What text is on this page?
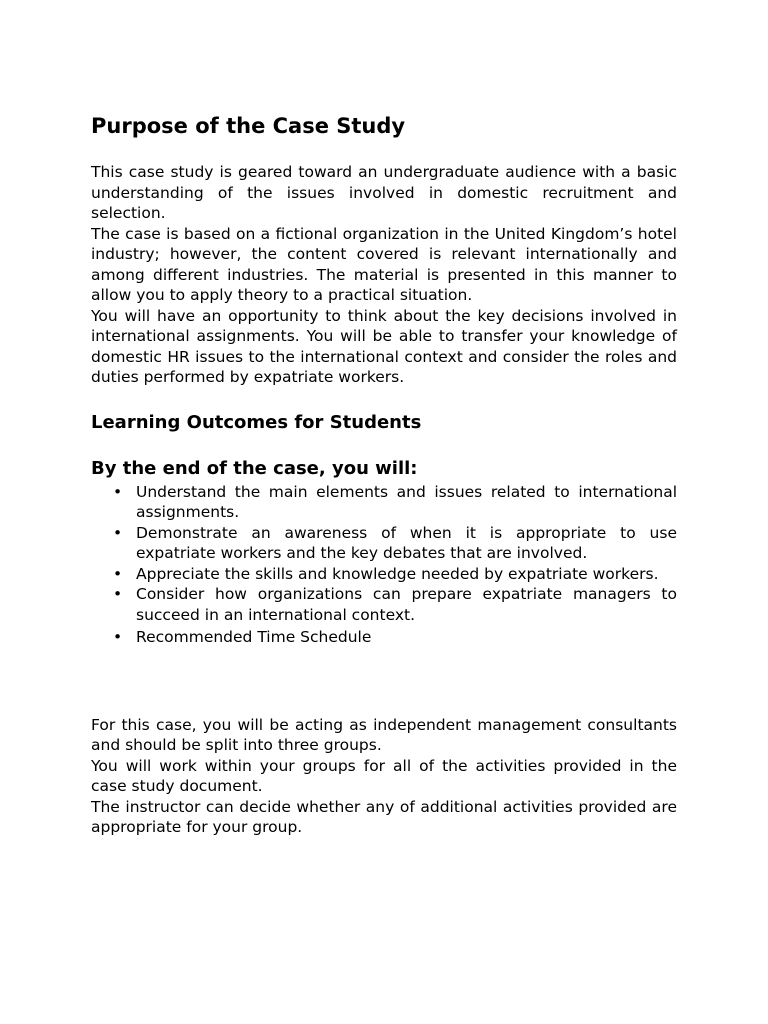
Purpose of the Case Study

This case study is geared toward an undergraduate audience with a basic understanding of the issues involved in domestic recruitment and selection.

The case is based on a fictional organization in the United Kingdom’s hotel industry; however, the content covered is relevant internationally and among different industries. The material is presented in this manner to allow you to apply theory to a practical situation.

You will have an opportunity to think about the key decisions involved in international assignments. You will be able to transfer your knowledge of domestic HR issues to the international context and consider the roles and duties performed by expatriate workers.

Learning Outcomes for Students
By the end of the case, you will:
• Understand the main elements and issues related to international assignments.
• Demonstrate an awareness of when it is appropriate to use expatriate workers and the key debates that are involved.
• Appreciate the skills and knowledge needed by expatriate workers.
• Consider how organizations can prepare expatriate managers to succeed in an international context.
• Recommended Time Schedule

For this case, you will be acting as independent management consultants and should be split into three groups.

You will work within your groups for all of the activities provided in the case study document.

The instructor can decide whether any of additional activities provided are appropriate for your group.
